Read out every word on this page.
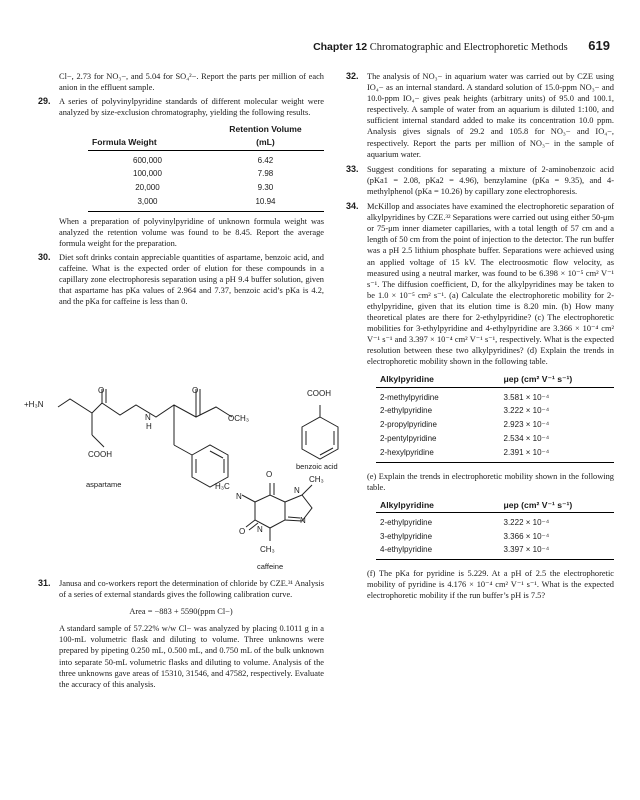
Chapter 12 Chromatographic and Electrophoretic Methods 619

Cl−, 2.73 for NO₃−, and 5.04 for SO₄²−. Report the parts per million of each anion in the effluent sample.

29.	A series of polyvinylpyridine standards of different molecular weight were analyzed by size-exclusion chromatography, yielding the following results.
	Retention Volume
Formula Weight	(mL)
600,000	6.42
100,000	7.98
20,000	9.30
3,000	10.94

When a preparation of polyvinylpyridine of unknown formula weight was analyzed the retention volume was found to be 8.45. Report the average formula weight for the preparation.

30.	Diet soft drinks contain appreciable quantities of aspartame, benzoic acid, and caffeine. What is the expected order of elution for these compounds in a capillary zone electrophoresis separation using a pH 9.4 buffer solution, given that aspartame has pKa values of 2.964 and 7.37, benzoic acid’s pKa is 4.2, and the pKa for caffeine is less than 0.
+H₃N
O	O
OCH₃
N
H
COOH
aspartame
COOH
benzoic acid
O
O
N
N
N
N
H₃C
CH₃
CH₃
caffeine
31.	Janusa and co-workers report the determination of chloride by CZE.³¹ Analysis of a series of external standards gives the following calibration curve.
Area = −883 + 5590(ppm Cl−)

A standard sample of 57.22% w/w Cl− was analyzed by placing 0.1011 g in a 100-mL volumetric flask and diluting to volume. Three unknowns were prepared by pipeting 0.250 mL, 0.500 mL, and 0.750 mL of the bulk unknown into separate 50-mL volumetric flasks and diluting to volume. Analysis of the three unknowns gave areas of 15310, 31546, and 47582, respectively. Evaluate the accuracy of this analysis.

32.	The analysis of NO₃− in aquarium water was carried out by CZE using IO₄− as an internal standard. A standard solution of 15.0-ppm NO₃− and 10.0-ppm IO₄− gives peak heights (arbitrary units) of 95.0 and 100.1, respectively. A sample of water from an aquarium is diluted 1:100, and sufficient internal standard added to make its concentration 10.0 ppm. Analysis gives signals of 29.2 and 105.8 for NO₃− and IO₄−, respectively. Report the parts per million of NO₃− in the sample of aquarium water.
33.	Suggest conditions for separating a mixture of 2-aminobenzoic acid (pKa1 = 2.08, pKa2 = 4.96), benzylamine (pKa = 9.35), and 4-methylphenol (pKa = 10.26) by capillary zone electrophoresis.
34.	McKillop and associates have examined the electrophoretic separation of alkylpyridines by CZE.³² Separations were carried out using either 50-μm or 75-μm inner diameter capillaries, with a total length of 57 cm and a length of 50 cm from the point of injection to the detector. The run buffer was a pH 2.5 lithium phosphate buffer. Separations were achieved using an applied voltage of 15 kV. The electroosmotic flow velocity, as measured using a neutral marker, was found to be 6.398 × 10⁻⁵ cm² V⁻¹ s⁻¹. The diffusion coefficient, D, for the alkylpyridines may be taken to be 1.0 × 10⁻⁵ cm² s⁻¹. (a) Calculate the electrophoretic mobility for 2-ethylpyridine, given that its elution time is 8.20 min. (b) How many theoretical plates are there for 2-ethylpyridine? (c) The electrophoretic mobilities for 3-ethylpyridine and 4-ethylpyridine are 3.366 × 10⁻⁴ cm² V⁻¹ s⁻¹ and 3.397 × 10⁻⁴ cm² V⁻¹ s⁻¹, respectively. What is the expected resolution between these two alkylpyridines? (d) Explain the trends in electrophoretic mobility shown in the following table.
Alkylpyridine	μep (cm² V⁻¹ s⁻¹)
2-methylpyridine	3.581 × 10⁻⁴
2-ethylpyridine	3.222 × 10⁻⁴
2-propylpyridine	2.923 × 10⁻⁴
2-pentylpyridine	2.534 × 10⁻⁴
2-hexylpyridine	2.391 × 10⁻⁴

(e) Explain the trends in electrophoretic mobility shown in the following table.

Alkylpyridine	μep (cm² V⁻¹ s⁻¹)
2-ethylpyridine	3.222 × 10⁻⁴
3-ethylpyridine	3.366 × 10⁻⁴
4-ethylpyridine	3.397 × 10⁻⁴

(f) The pKa for pyridine is 5.229. At a pH of 2.5 the electrophoretic mobility of pyridine is 4.176 × 10⁻⁴ cm² V⁻¹ s⁻¹. What is the expected electrophoretic mobility if the run buffer’s pH is 7.5?
